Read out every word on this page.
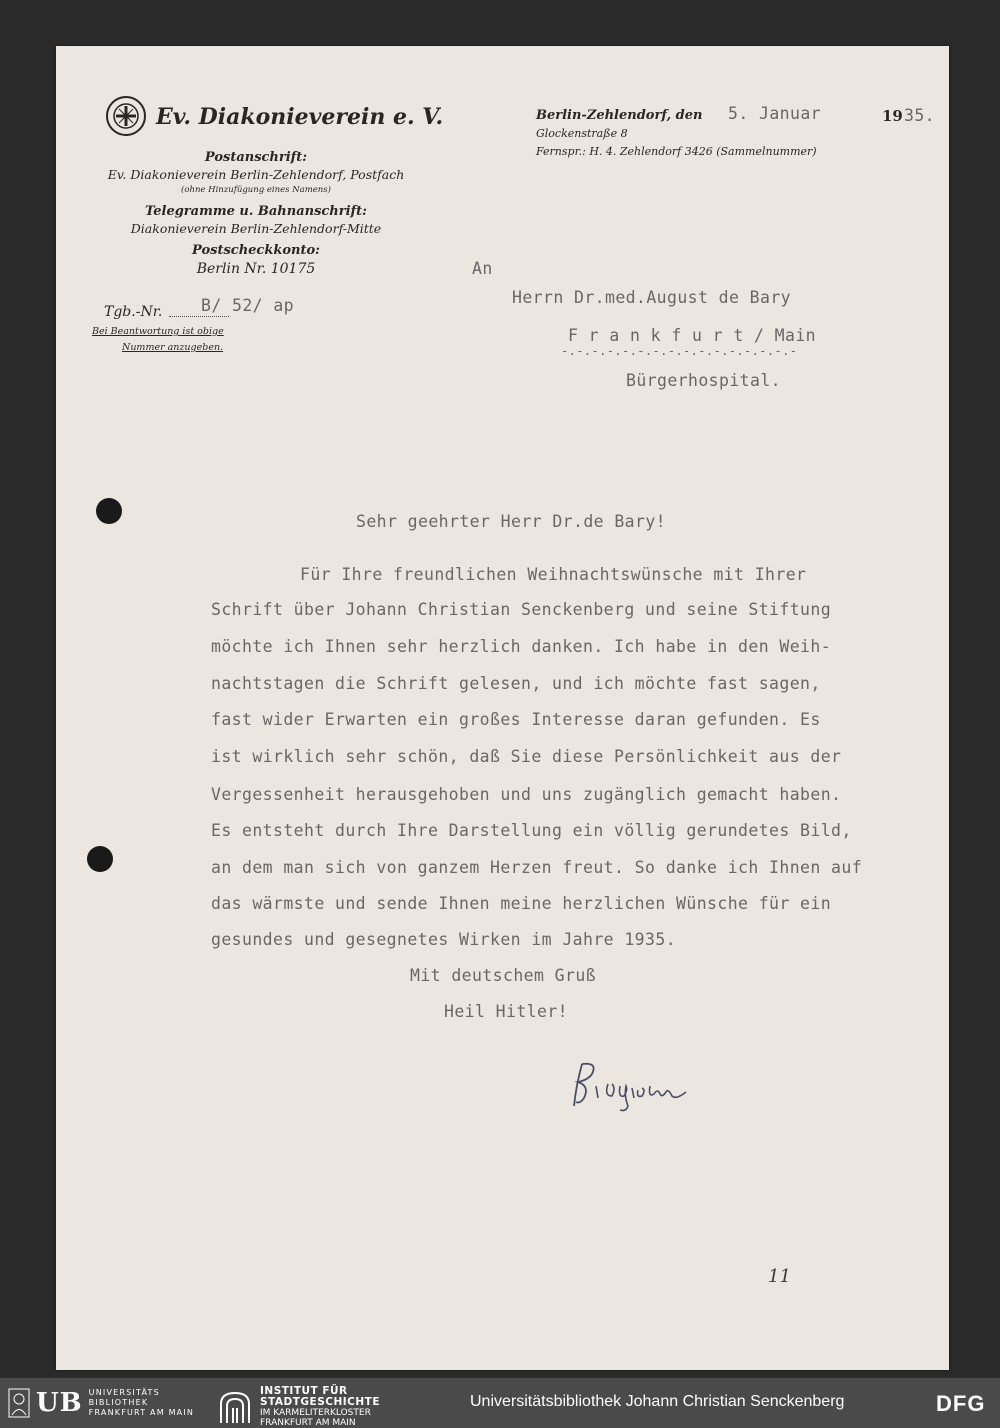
Ev. Diakonieverein e. V.
Postanschrift:
Ev. Diakonieverein Berlin-Zehlendorf, Postfach
(ohne Hinzufügung eines Namens)
Telegramme u. Bahnanschrift:
Diakonieverein Berlin-Zehlendorf-Mitte
Postscheckkonto:
Berlin Nr. 10175
Tgb.-Nr. B/ 52/ ap
Bei Beantwortung ist obige
Nummer anzugeben.
Berlin-Zehlendorf, den 5. Januar	19 35.
Glockenstraße 8
Fernspr.: H. 4. Zehlendorf 3426 (Sammelnummer)
An
Herrn Dr.med.August de Bary
F r a n k f u r t / Main
-.-.-.-.-.-.-.-.-.-.-.-.-.-.-.-
Bürgerhospital.
Sehr geehrter Herr Dr.de Bary!
Für Ihre freundlichen Weihnachtswünsche mit Ihrer
Schrift über Johann Christian Senckenberg und seine Stiftung
möchte ich Ihnen sehr herzlich danken. Ich habe in den Weih-
nachtstagen die Schrift gelesen, und ich möchte fast sagen,
fast wider Erwarten ein großes Interesse daran gefunden. Es
ist wirklich sehr schön, daß Sie diese Persönlichkeit aus der
Vergessenheit herausgehoben und uns zugänglich gemacht haben.
Es entsteht durch Ihre Darstellung ein völlig gerundetes Bild,
an dem man sich von ganzem Herzen freut. So danke ich Ihnen auf
das wärmste und sende Ihnen meine herzlichen Wünsche für ein
gesundes und gesegnetes Wirken im Jahre 1935.
Mit deutschem Gruß
Heil Hitler!
11
UB UNIVERSITÄTS
BIBLIOTHEK
FRANKFURT AM MAIN
INSTITUT FÜR
STADTGESCHICHTE
IM KARMELITERKLOSTER
FRANKFURT AM MAIN
Universitätsbibliothek Johann Christian Senckenberg	DFG
